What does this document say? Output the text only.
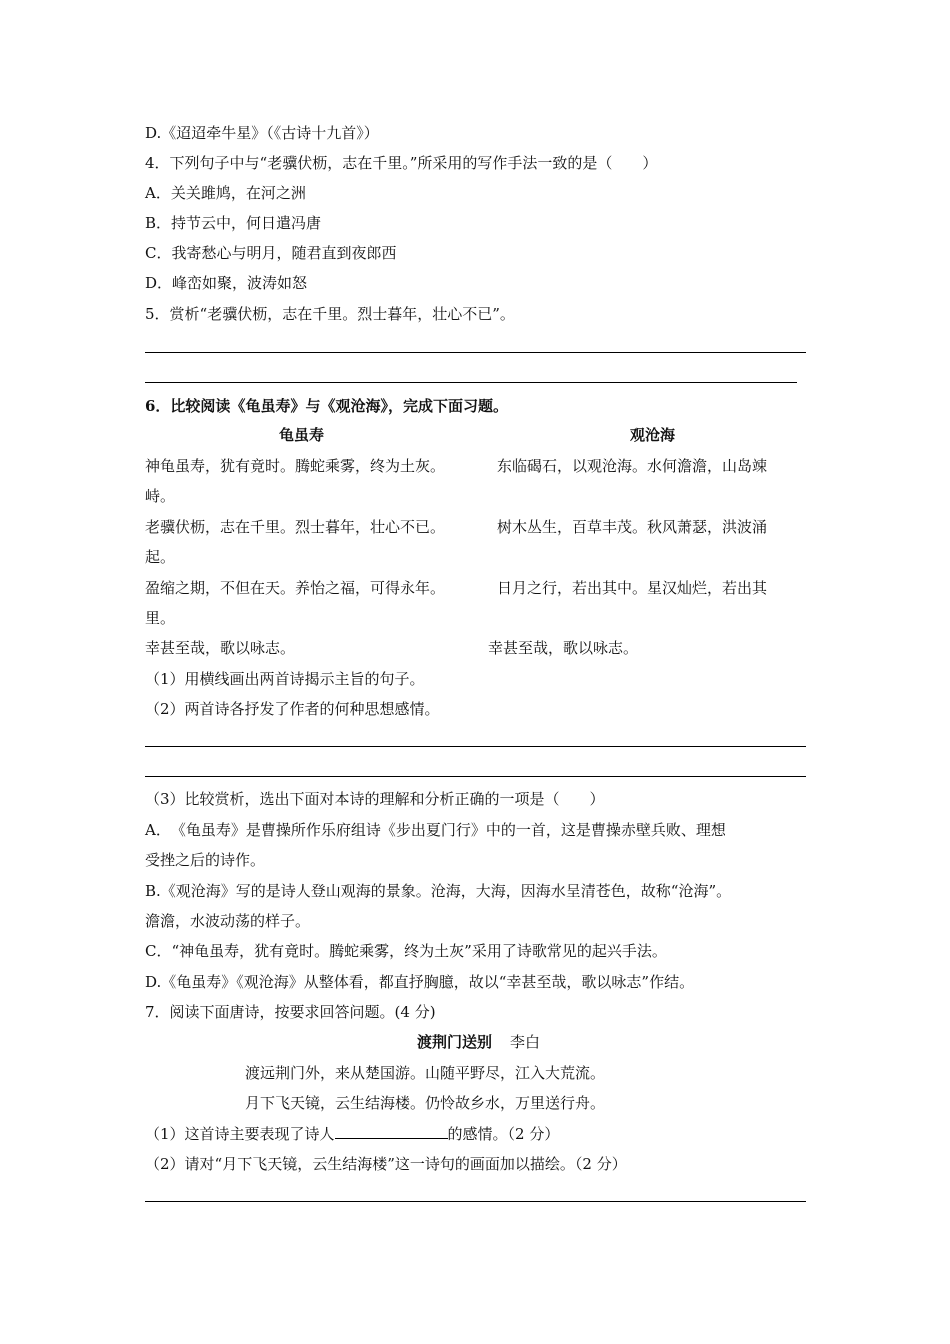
D.《迢迢牵牛星》（《古诗十九首》）
4．下列句子中与“老骥伏枥，志在千里。”所采用的写作手法一致的是（　　）
A．关关雎鸠，在河之洲
B．持节云中，何日遣冯唐
C．我寄愁心与明月，随君直到夜郎西
D．峰峦如聚，波涛如怒
5．赏析“老骥伏枥，志在千里。烈士暮年，壮心不已”。
6．比较阅读《龟虽寿》与《观沧海》，完成下面习题。
龟虽寿	观沧海
神龟虽寿，犹有竟时。腾蛇乘雾，终为土灰。	东临碣石，以观沧海。水何澹澹，山岛竦
峙。
老骥伏枥，志在千里。烈士暮年，壮心不已。	树木丛生，百草丰茂。秋风萧瑟，洪波涌
起。
盈缩之期，不但在天。养怡之福，可得永年。	日月之行，若出其中。星汉灿烂，若出其
里。
幸甚至哉，歌以咏志。	幸甚至哉，歌以咏志。
（1）用横线画出两首诗揭示主旨的句子。
（2）两首诗各抒发了作者的何种思想感情。
（3）比较赏析，选出下面对本诗的理解和分析正确的一项是（　　）
A．　《龟虽寿》是曹操所作乐府组诗《步出夏门行》中的一首，这是曹操赤壁兵败、理想
受挫之后的诗作。
B.《观沧海》写的是诗人登山观海的景象。沧海，大海，因海水呈清苍色，故称“沧海”。
澹澹，水波动荡的样子。
C．“神龟虽寿，犹有竟时。腾蛇乘雾，终为土灰”采用了诗歌常见的起兴手法。
D.《龟虽寿》《观沧海》从整体看，都直抒胸臆，故以“幸甚至哉，歌以咏志”作结。
7．阅读下面唐诗，按要求回答问题。(4 分)
渡荆门送别 李白
渡远荆门外，来从楚国游。山随平野尽，江入大荒流。
月下飞天镜，云生结海楼。仍怜故乡水，万里送行舟。
（1）这首诗主要表现了诗人	的感情。（2 分）
（2）请对“月下飞天镜，云生结海楼”这一诗句的画面加以描绘。（2 分）
